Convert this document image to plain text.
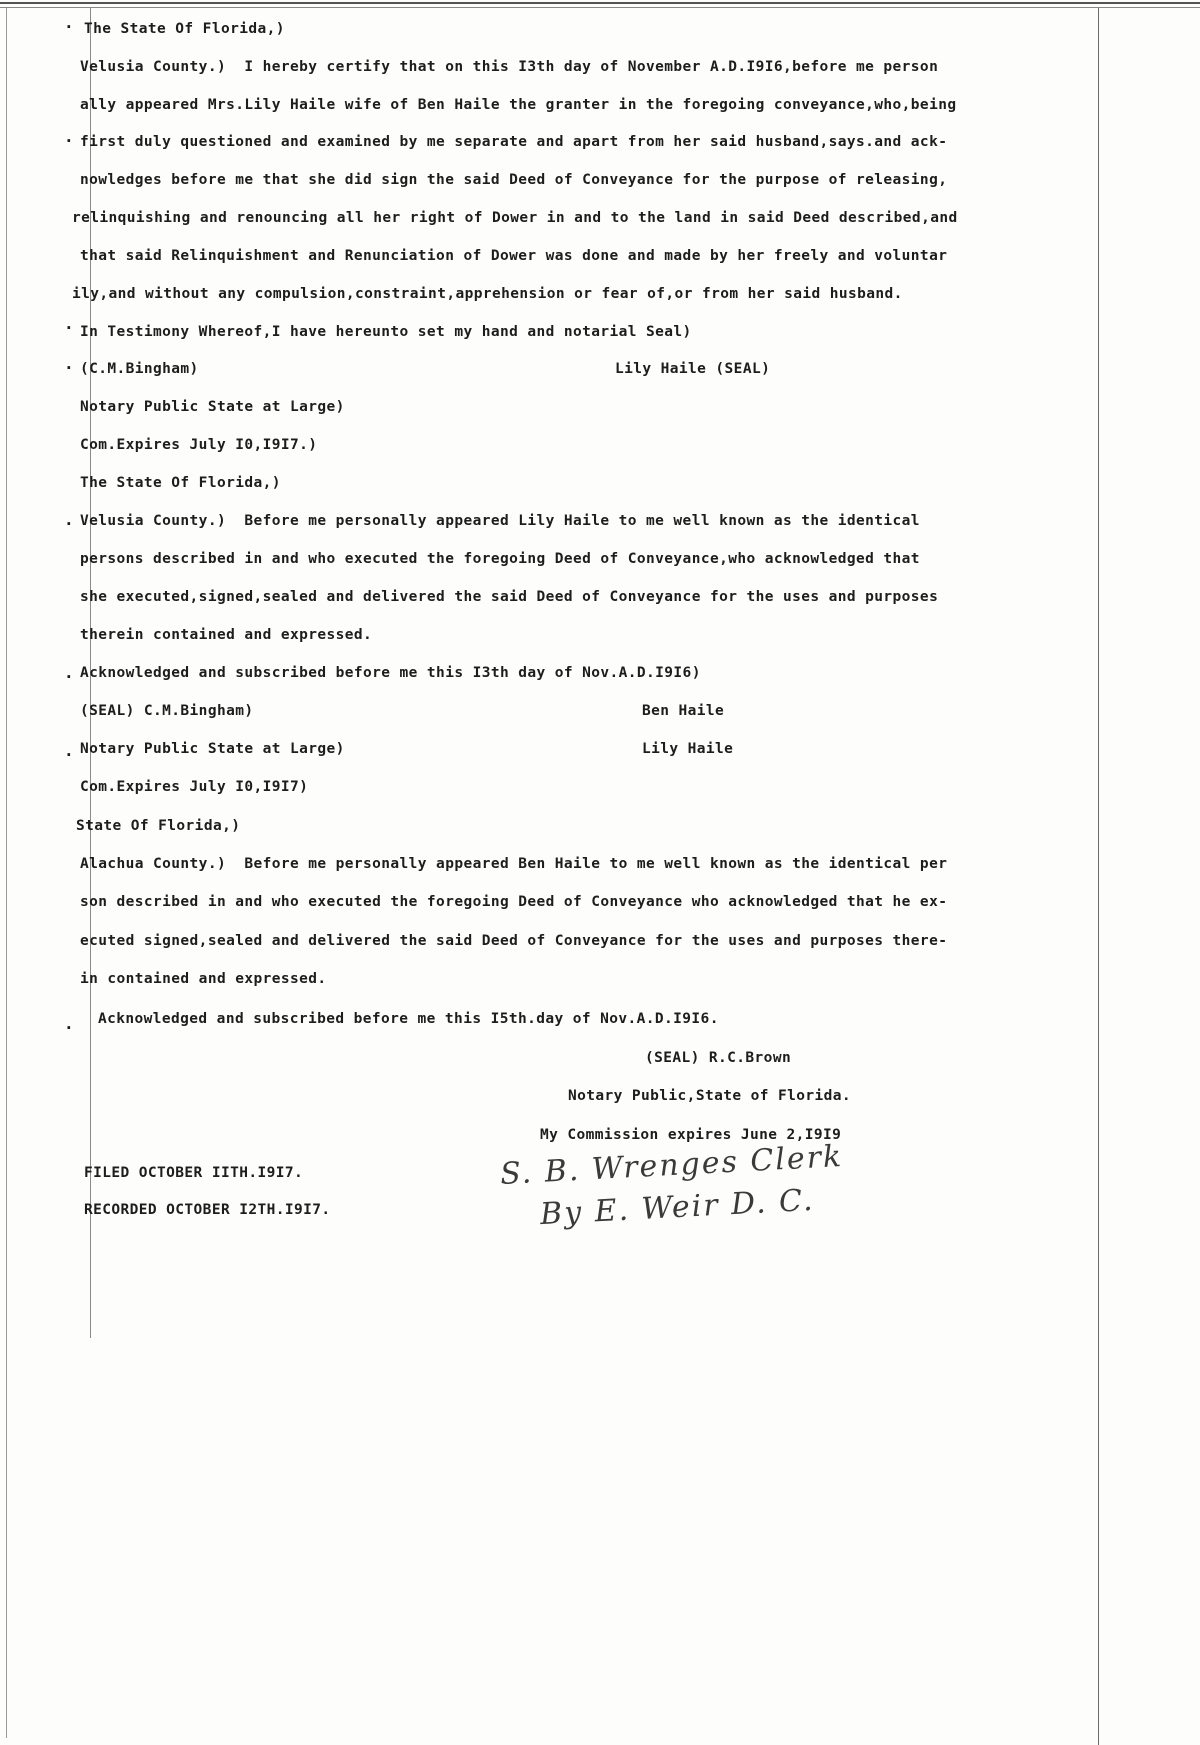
·
.
.
.
.
.
.
.
The State Of Florida,)
Velusia County.)  I hereby certify that on this I3th day of November A.D.I9I6,before me person
ally appeared Mrs.Lily Haile wife of Ben Haile the granter in the foregoing conveyance,who,being
first duly questioned and examined by me separate and apart from her said husband,says.and ack-
nowledges before me that she did sign the said Deed of Conveyance for the purpose of releasing,
relinquishing and renouncing all her right of Dower in and to the land in said Deed described,and
that said Relinquishment and Renunciation of Dower was done and made by her freely and voluntar
ily,and without any compulsion,constraint,apprehension or fear of,or from her said husband.
In Testimony Whereof,I have hereunto set my hand and notarial Seal)
(C.M.Bingham)	Lily Haile (SEAL)
Notary Public State at Large)
Com.Expires July I0,I9I7.)
The State Of Florida,)
Velusia County.)  Before me personally appeared Lily Haile to me well known as the identical
persons described in and who executed the foregoing Deed of Conveyance,who acknowledged that
she executed,signed,sealed and delivered the said Deed of Conveyance for the uses and purposes
therein contained and expressed.
Acknowledged and subscribed before me this I3th day of Nov.A.D.I9I6)
(SEAL) C.M.Bingham)	Ben Haile
Notary Public State at Large)	Lily Haile
Com.Expires July I0,I9I7)
State Of Florida,)
Alachua County.)  Before me personally appeared Ben Haile to me well known as the identical per
son described in and who executed the foregoing Deed of Conveyance who acknowledged that he ex-
ecuted signed,sealed and delivered the said Deed of Conveyance for the uses and purposes there-
in contained and expressed.
Acknowledged and subscribed before me this I5th.day of Nov.A.D.I9I6.
(SEAL) R.C.Brown
Notary Public,State of Florida.
My Commission expires June 2,I9I9
FILED OCTOBER IITH.I9I7.
RECORDED OCTOBER I2TH.I9I7.
S. B. Wrenges Clerk
By E. Weir D. C.
